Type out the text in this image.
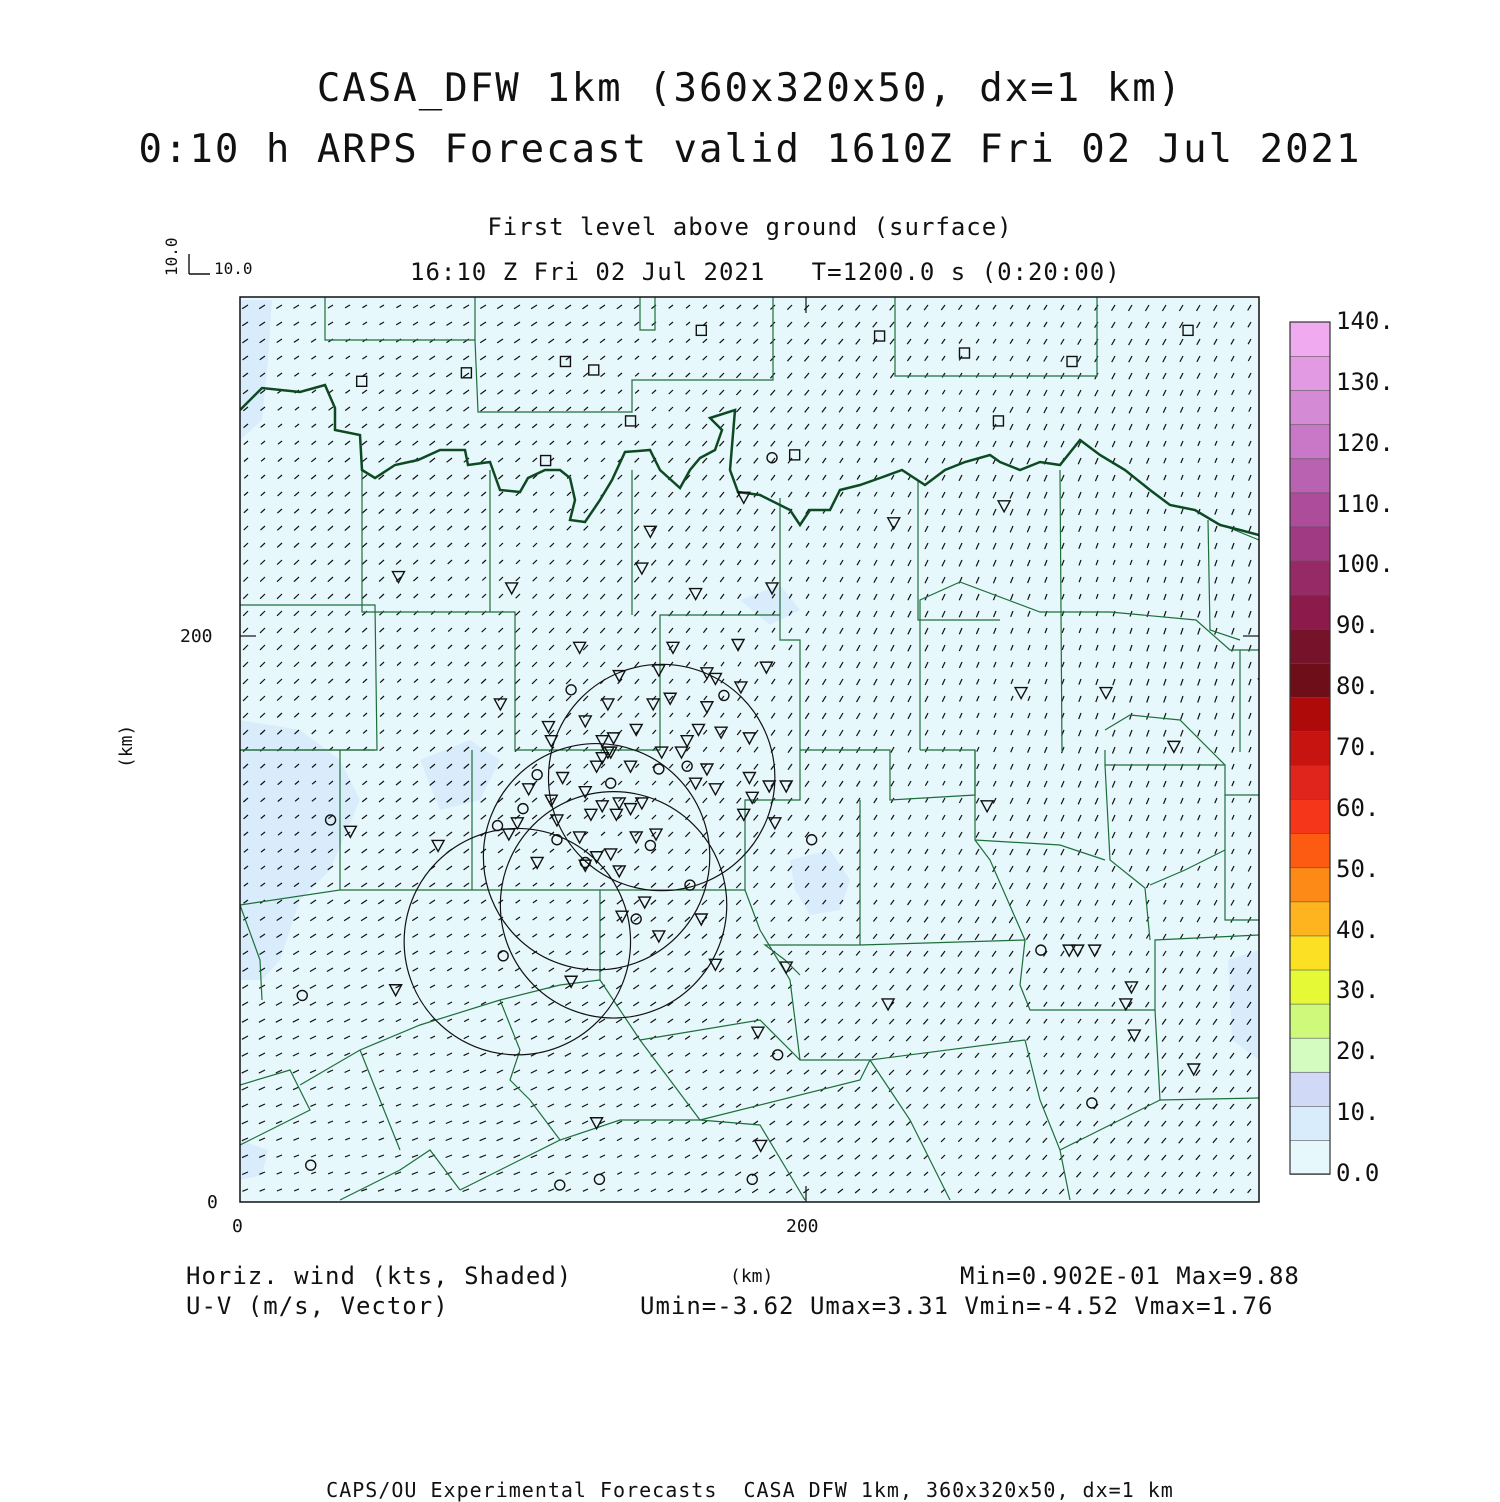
CASA_DFW 1km (360x320x50, dx=1 km)
0:10 h ARPS Forecast valid 1610Z Fri 02 Jul 2021
First level above ground (surface)
16:10 Z Fri 02 Jul 2021   T=1200.0 s (0:20:00)
10.0
10.0
(km)
(km)
0
200
0	200
Horiz. wind (kts, Shaded)
U-V (m/s, Vector)
Min=0.902E-01 Max=9.88
Umin=-3.62 Umax=3.31 Vmin=-4.52 Vmax=1.76
CAPS/OU Experimental Forecasts  CASA DFW 1km, 360x320x50, dx=1 km
0.0
10.
20.
30.
40.
50.
60.
70.
80.
90.
100.
110.
120.
130.
140.
